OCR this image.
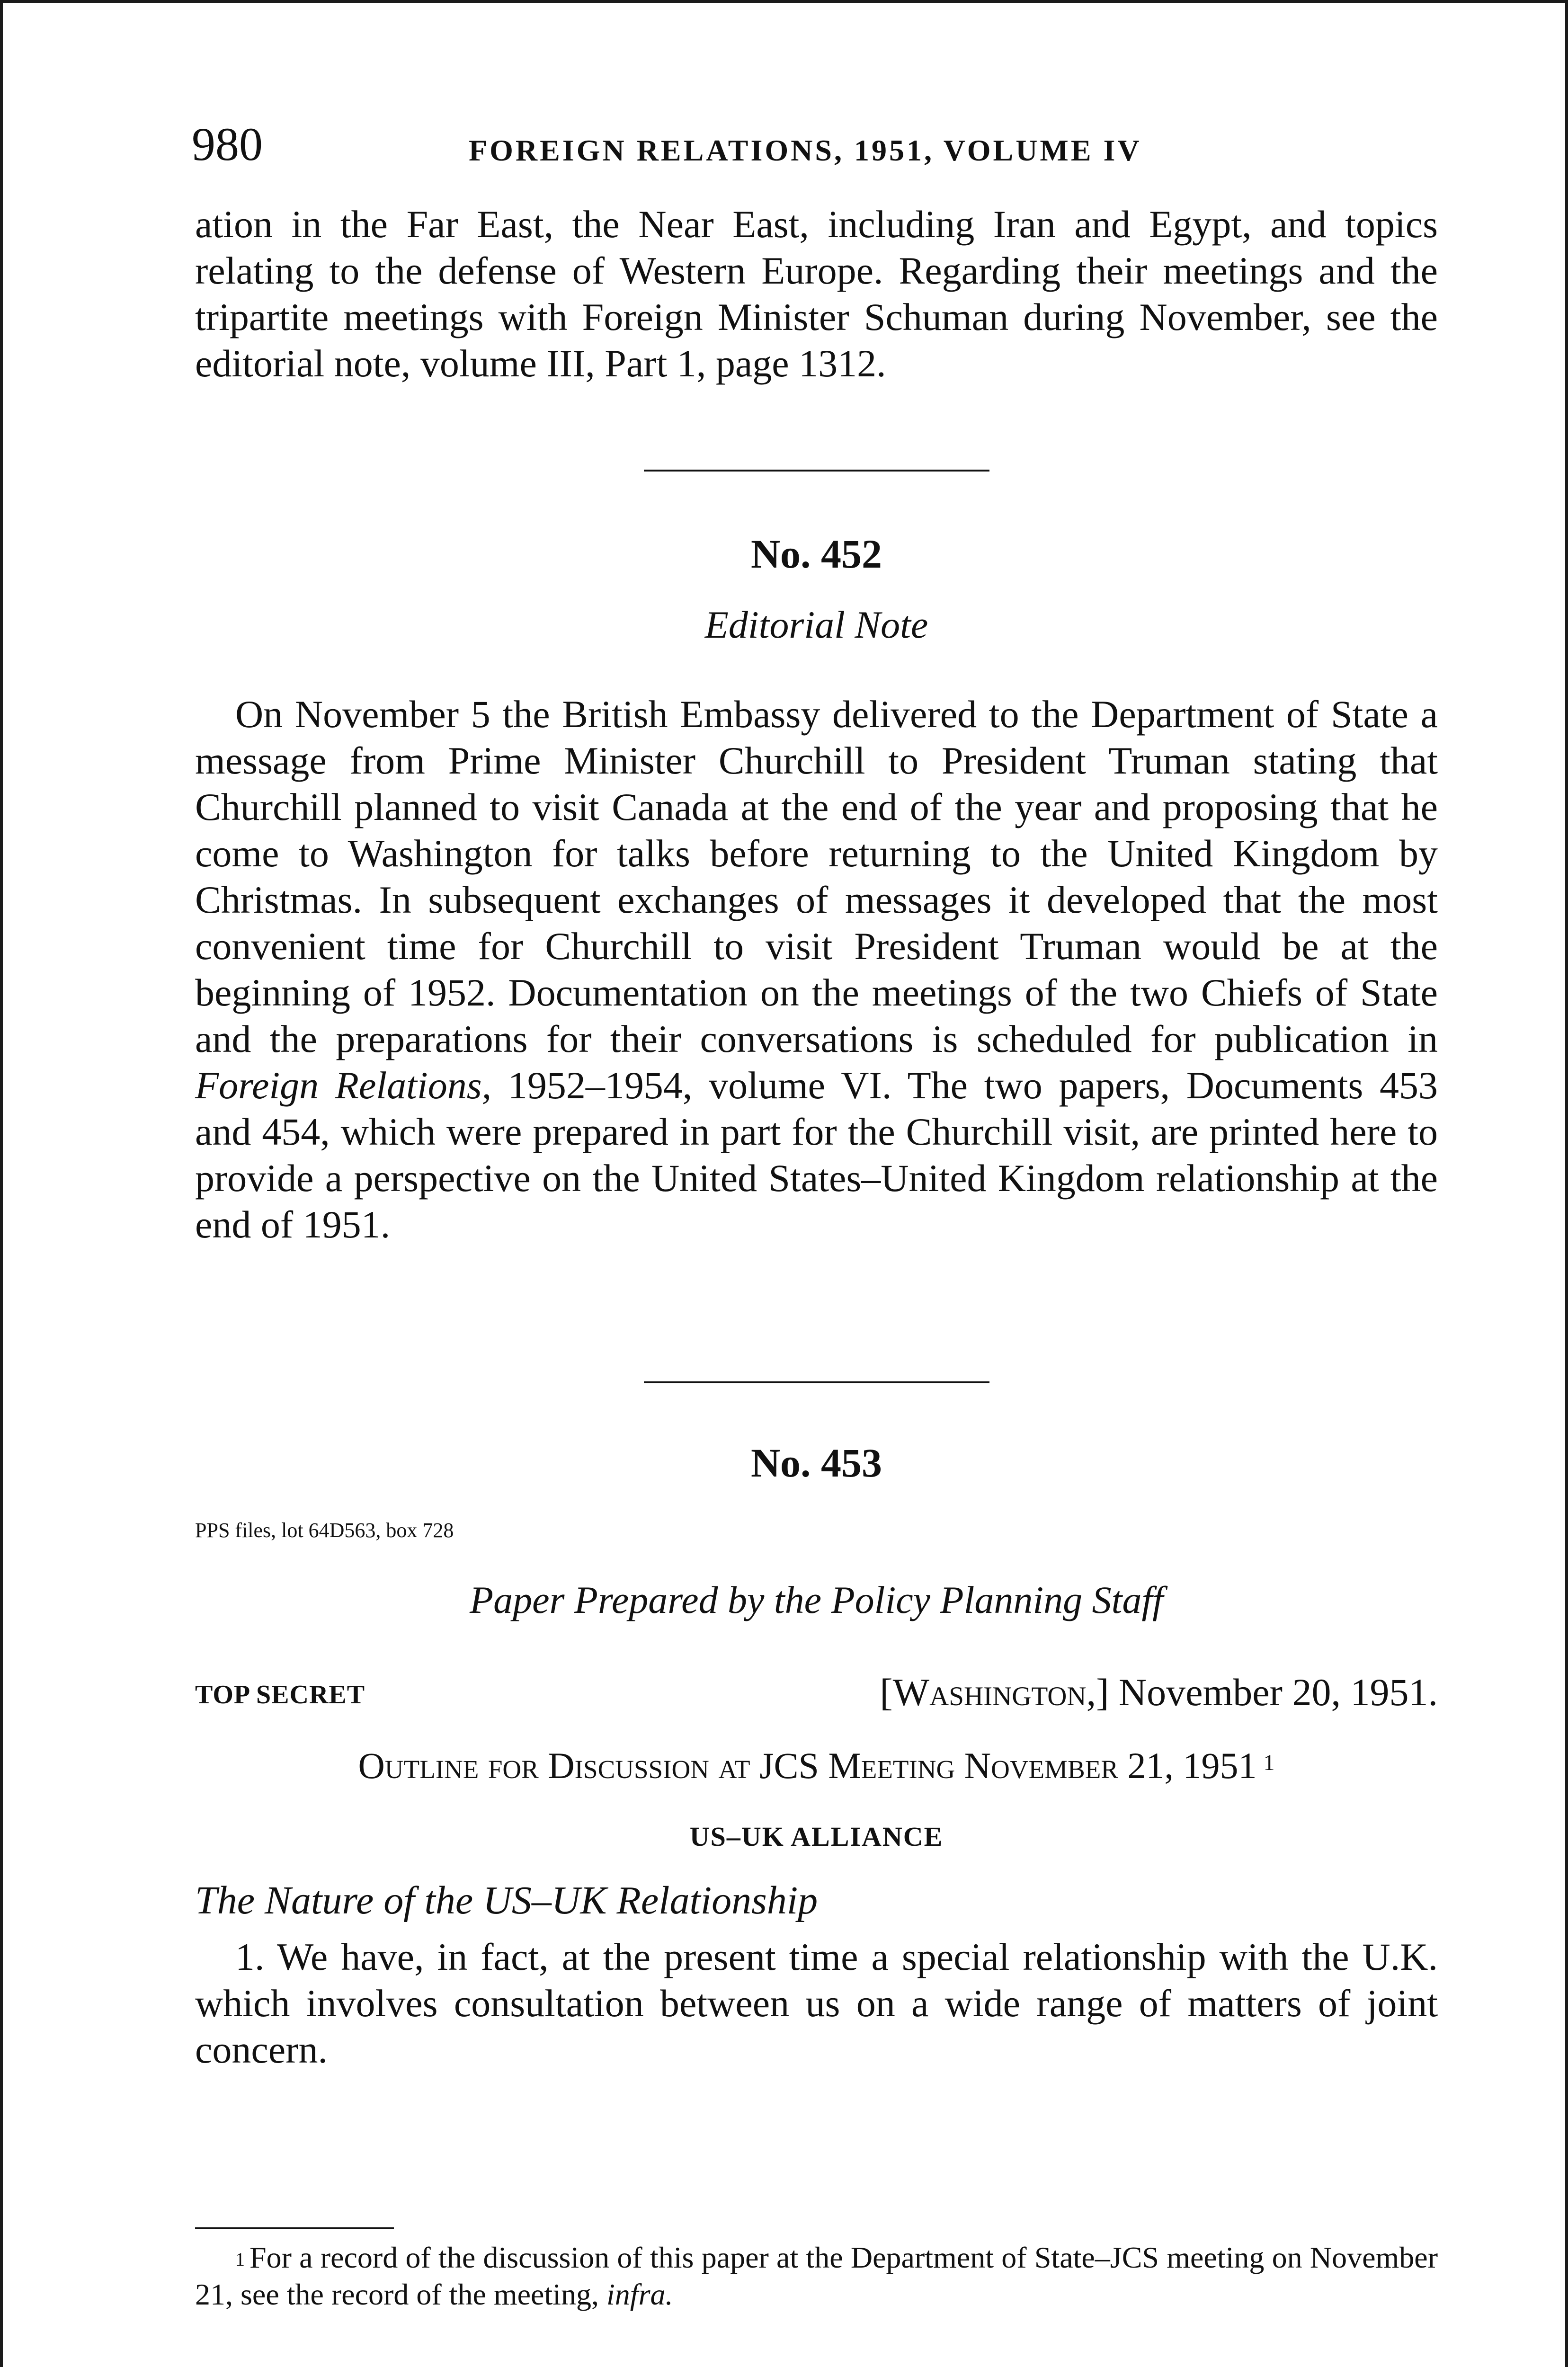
980	FOREIGN RELATIONS, 1951, VOLUME IV

ation in the Far East, the Near East, including Iran and Egypt, and topics relating to the defense of Western Europe. Regarding their meetings and the tripartite meetings with Foreign Minister Schuman during November, see the editorial note, volume III, Part 1, page 1312.

No. 452
Editorial Note

On November 5 the British Embassy delivered to the Department of State a message from Prime Minister Churchill to President Truman stating that Churchill planned to visit Canada at the end of the year and proposing that he come to Washington for talks before returning to the United Kingdom by Christmas. In subsequent exchanges of messages it developed that the most convenient time for Churchill to visit President Truman would be at the beginning of 1952. Documentation on the meetings of the two Chiefs of State and the preparations for their conversations is scheduled for publication in Foreign Relations, 1952–1954, volume VI. The two papers, Documents 453 and 454, which were prepared in part for the Churchill visit, are printed here to provide a perspective on the United States–United Kingdom relationship at the end of 1951.

No. 453
PPS files, lot 64D563, box 728
Paper Prepared by the Policy Planning Staff
TOP SECRET	[Washington,] November 20, 1951.
Outline for Discussion at JCS Meeting November 21, 1951 $^1$
US–UK ALLIANCE
The Nature of the US–UK Relationship

1. We have, in fact, at the present time a special relationship with the U.K. which involves consultation between us on a wide range of matters of joint concern.

$^1$ For a record of the discussion of this paper at the Department of State–JCS meeting on November 21, see the record of the meeting, infra.
